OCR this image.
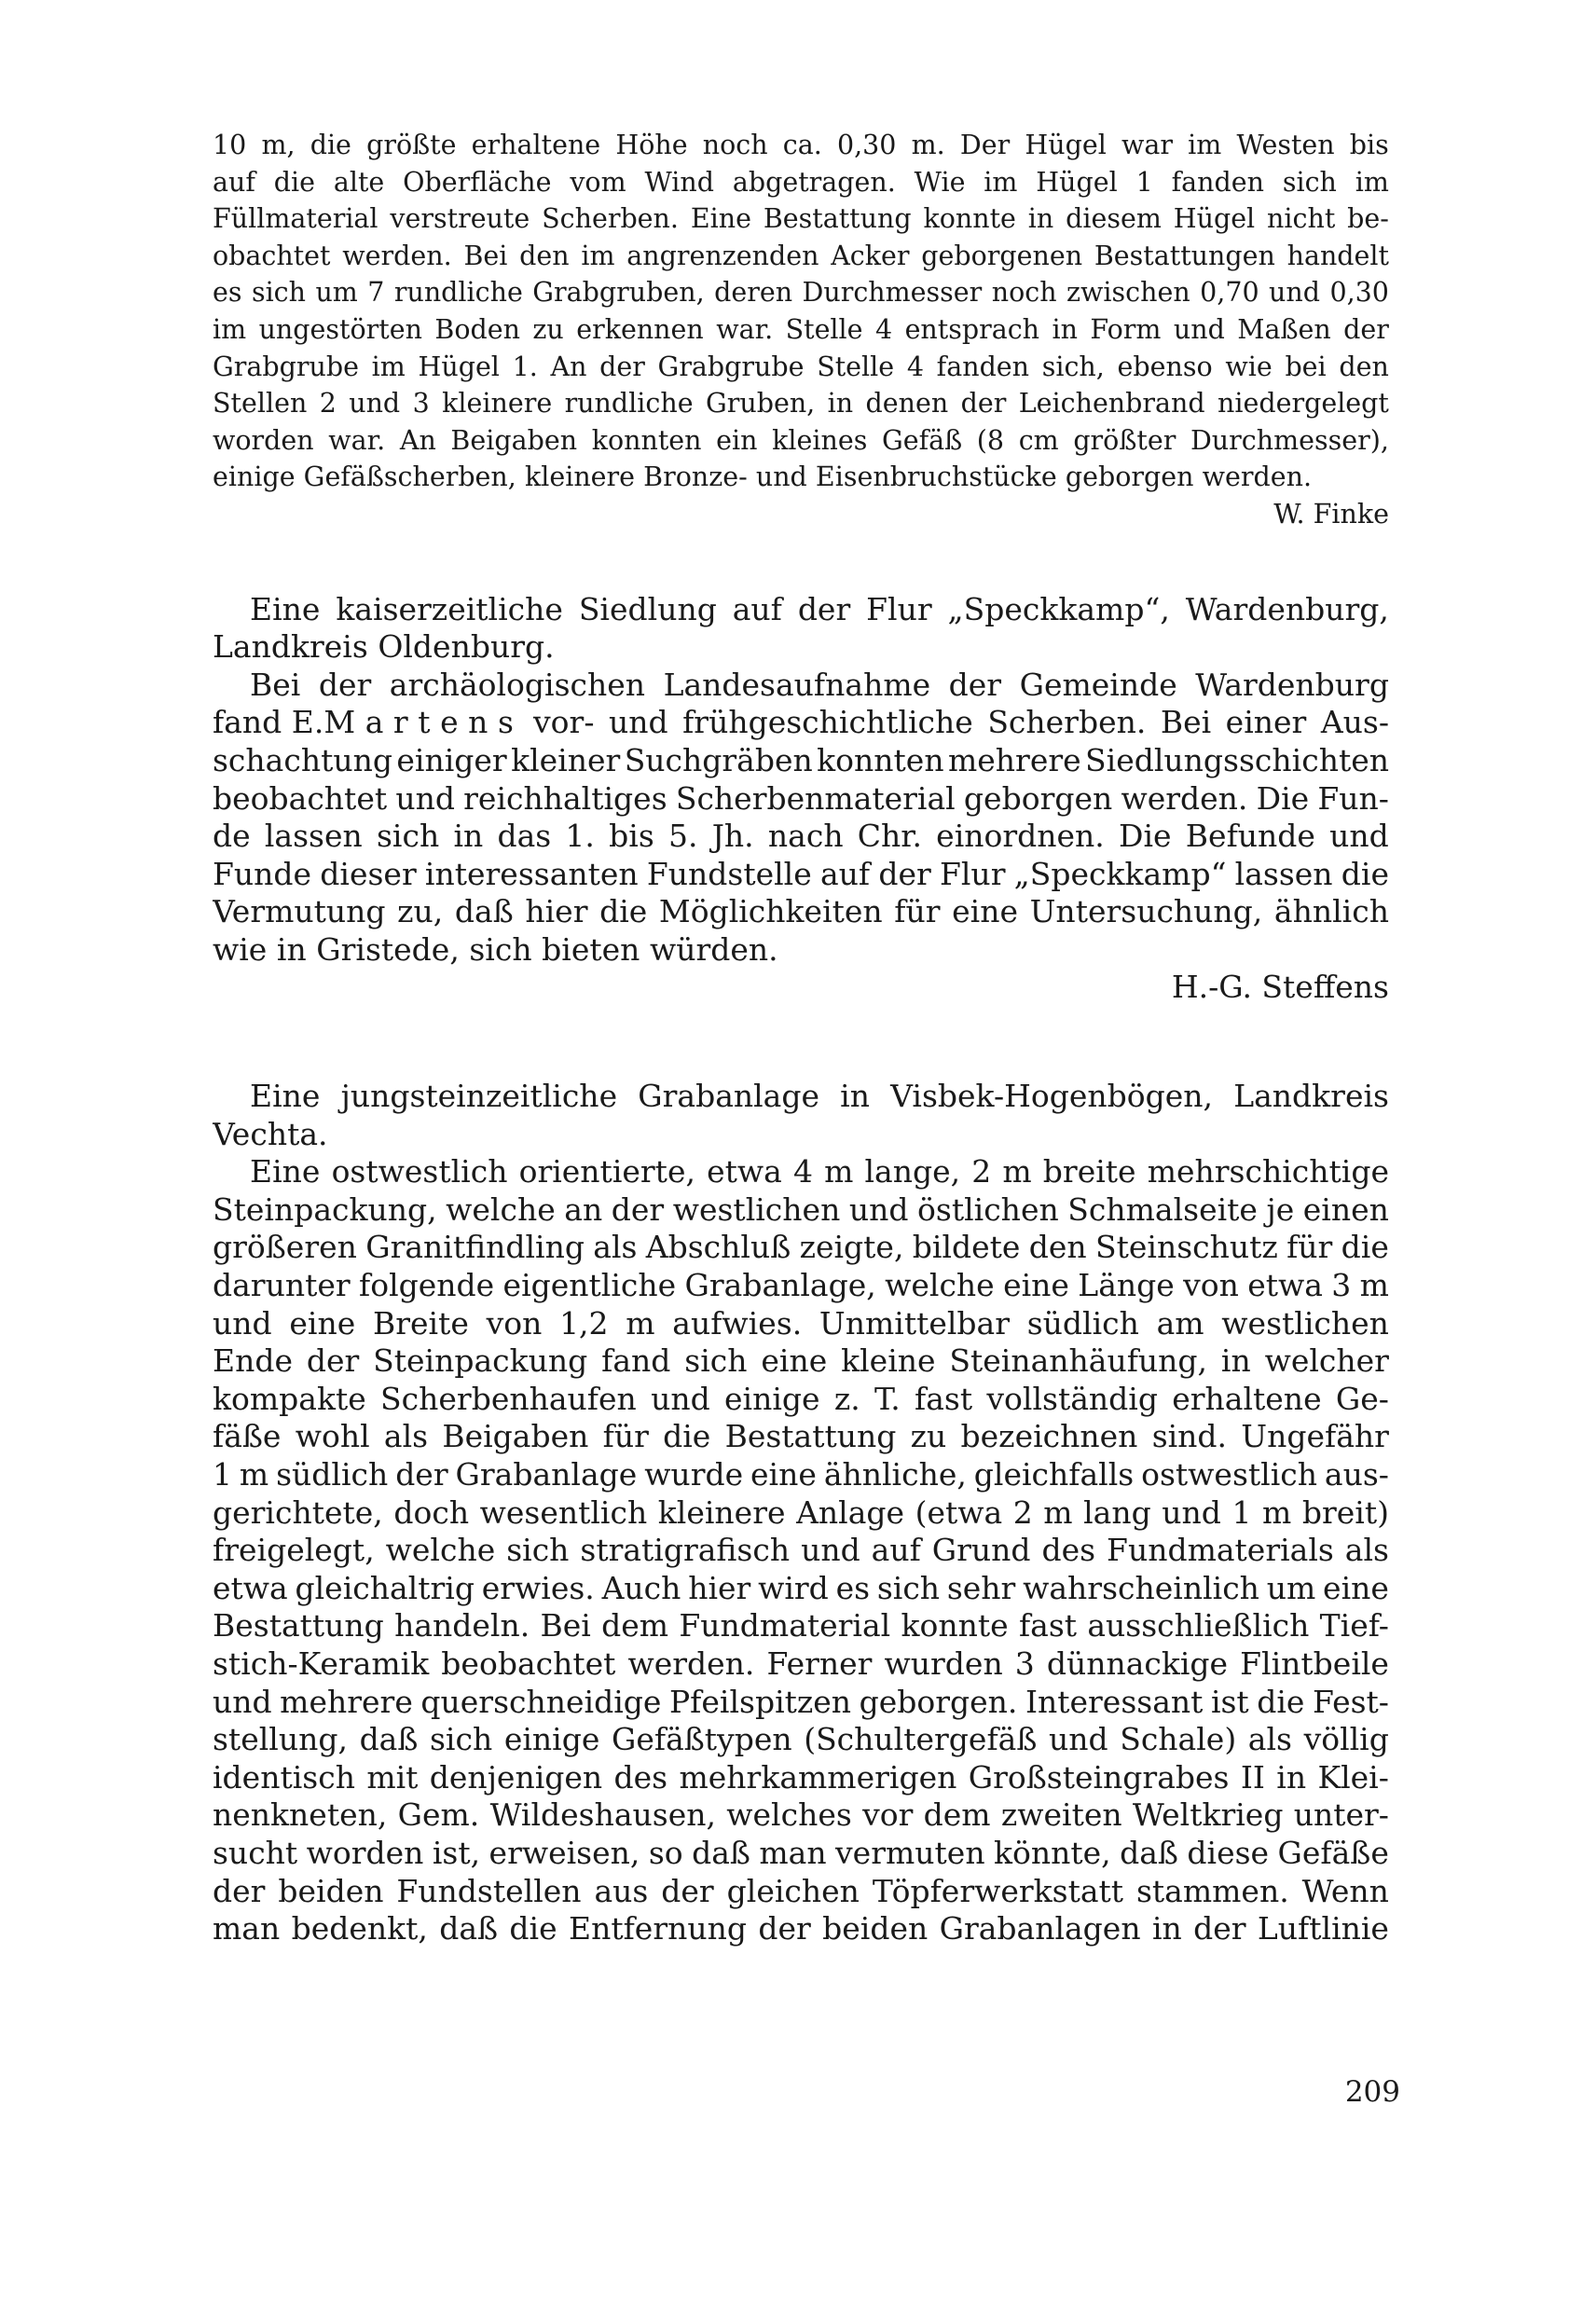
10 m, die größte erhaltene Höhe noch ca. 0,30 m. Der Hügel war im Westen bis
auf die alte Oberfläche vom Wind abgetragen. Wie im Hügel 1 fanden sich im
Füllmaterial verstreute Scherben. Eine Bestattung konnte in diesem Hügel nicht be-
obachtet werden. Bei den im angrenzenden Acker geborgenen Bestattungen handelt
es sich um 7 rundliche Grabgruben, deren Durchmesser noch zwischen 0,70 und 0,30
im ungestörten Boden zu erkennen war. Stelle 4 entsprach in Form und Maßen der
Grabgrube im Hügel 1. An der Grabgrube Stelle 4 fanden sich, ebenso wie bei den
Stellen 2 und 3 kleinere rundliche Gruben, in denen der Leichenbrand niedergelegt
worden war. An Beigaben konnten ein kleines Gefäß (8 cm größter Durchmesser),
einige Gefäßscherben, kleinere Bronze- und Eisenbruchstücke geborgen werden.
W. Finke
Eine kaiserzeitliche Siedlung auf der Flur „Speckkamp“, Wardenburg,
Landkreis Oldenburg.
Bei der archäologischen Landesaufnahme der Gemeinde Wardenburg
fand E. Martens vor- und frühgeschichtliche Scherben. Bei einer Aus-
schachtung einiger kleiner Suchgräben konnten mehrere Siedlungsschichten
beobachtet und reichhaltiges Scherbenmaterial geborgen werden. Die Fun-
de lassen sich in das 1. bis 5. Jh. nach Chr. einordnen. Die Befunde und
Funde dieser interessanten Fundstelle auf der Flur „Speckkamp“ lassen die
Vermutung zu, daß hier die Möglichkeiten für eine Untersuchung, ähnlich
wie in Gristede, sich bieten würden.
H.-G. Steffens
Eine jungsteinzeitliche Grabanlage in Visbek-Hogenbögen, Landkreis
Vechta.
Eine ostwestlich orientierte, etwa 4 m lange, 2 m breite mehrschichtige
Steinpackung, welche an der westlichen und östlichen Schmalseite je einen
größeren Granitfindling als Abschluß zeigte, bildete den Steinschutz für die
darunter folgende eigentliche Grabanlage, welche eine Länge von etwa 3 m
und eine Breite von 1,2 m aufwies. Unmittelbar südlich am westlichen
Ende der Steinpackung fand sich eine kleine Steinanhäufung, in welcher
kompakte Scherbenhaufen und einige z. T. fast vollständig erhaltene Ge-
fäße wohl als Beigaben für die Bestattung zu bezeichnen sind. Ungefähr
1 m südlich der Grabanlage wurde eine ähnliche, gleichfalls ostwestlich aus-
gerichtete, doch wesentlich kleinere Anlage (etwa 2 m lang und 1 m breit)
freigelegt, welche sich stratigrafisch und auf Grund des Fundmaterials als
etwa gleichaltrig erwies. Auch hier wird es sich sehr wahrscheinlich um eine
Bestattung handeln. Bei dem Fundmaterial konnte fast ausschließlich Tief-
stich-Keramik beobachtet werden. Ferner wurden 3 dünnackige Flintbeile
und mehrere querschneidige Pfeilspitzen geborgen. Interessant ist die Fest-
stellung, daß sich einige Gefäßtypen (Schultergefäß und Schale) als völlig
identisch mit denjenigen des mehrkammerigen Großsteingrabes II in Klei-
nenkneten, Gem. Wildeshausen, welches vor dem zweiten Weltkrieg unter-
sucht worden ist, erweisen, so daß man vermuten könnte, daß diese Gefäße
der beiden Fundstellen aus der gleichen Töpferwerkstatt stammen. Wenn
man bedenkt, daß die Entfernung der beiden Grabanlagen in der Luftlinie
209
